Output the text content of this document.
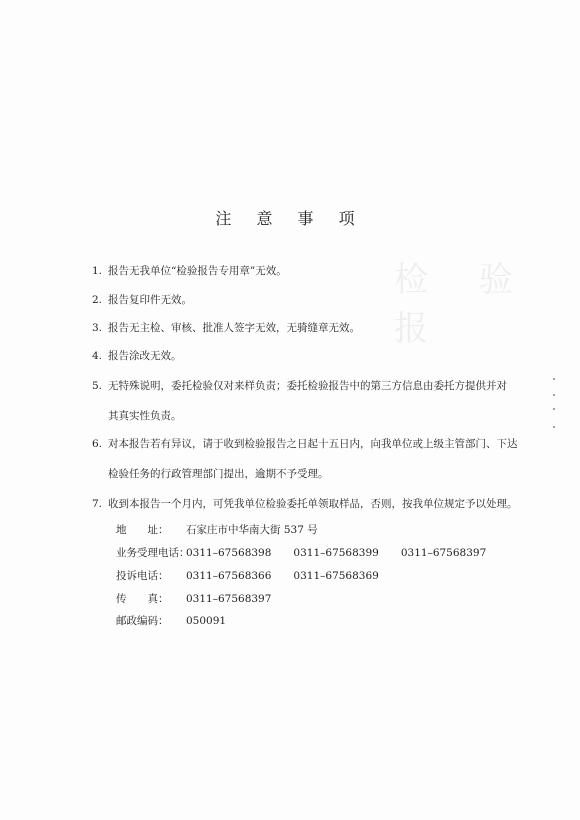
检 验 报
注 意 事 项
1. 报告无我单位“检验报告专用章”无效。
2. 报告复印件无效。
3. 报告无主检、审核、批准人签字无效，无骑缝章无效。
4. 报告涂改无效。
5. 无特殊说明，委托检验仅对来样负责；委托检验报告中的第三方信息由委托方提供并对
其真实性负责。
6. 对本报告若有异议，请于收到检验报告之日起十五日内，向我单位或上级主管部门、下达
检验任务的行政管理部门提出，逾期不予受理。
7. 收到本报告一个月内，可凭我单位检验委托单领取样品，否则，按我单位规定予以处理。
地　　址： 石家庄市中华南大街 537 号
业务受理电话：0311–67568398 0311–67568399 0311–67568397
投诉电话： 0311–67568366 0311–67568369
传　　真： 0311–67568397
邮政编码： 050091
